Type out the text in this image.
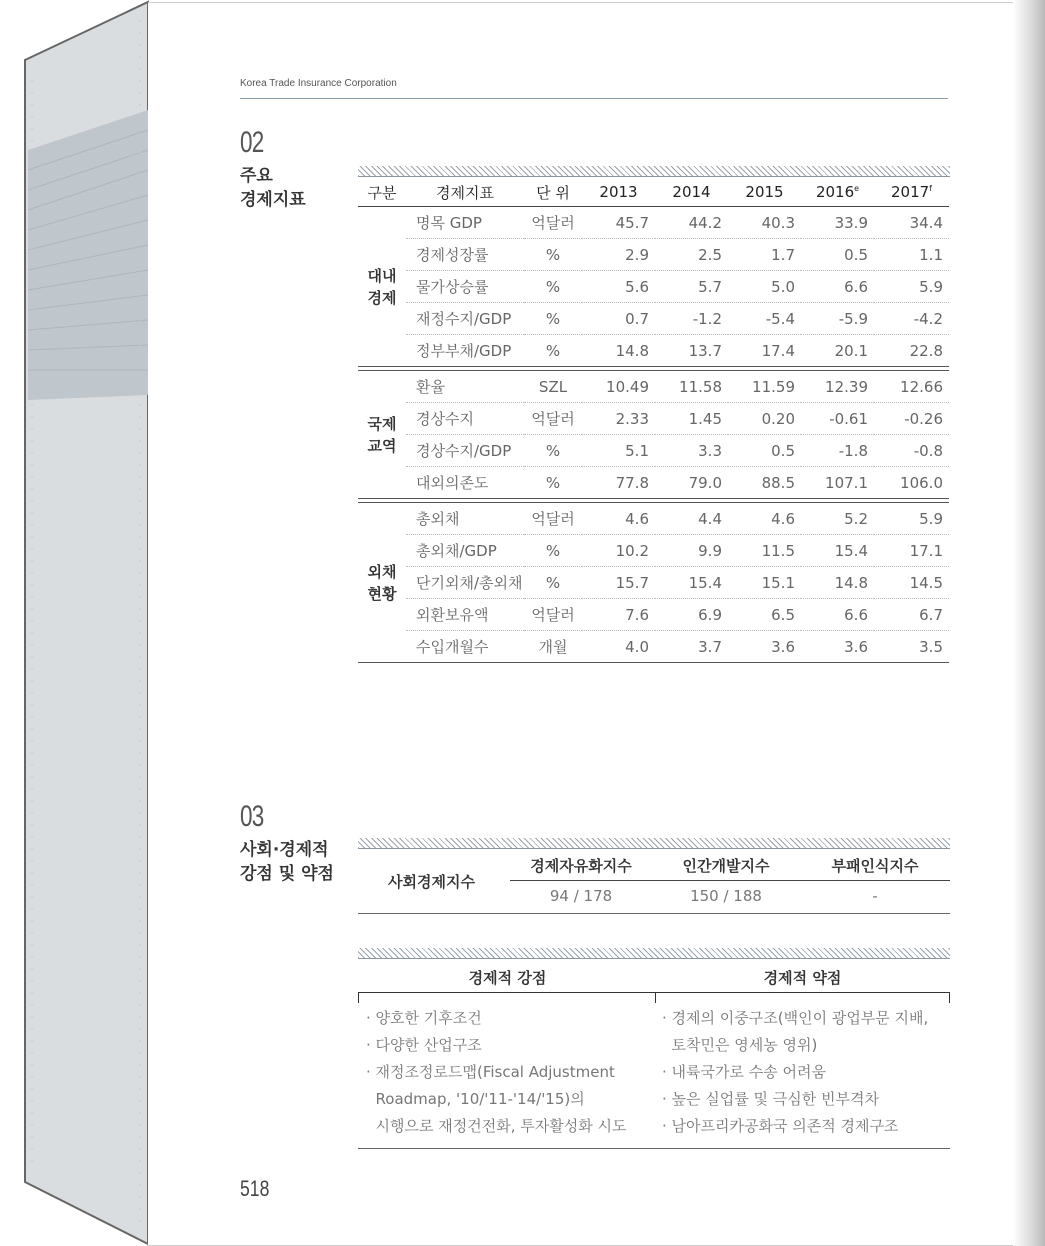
Korea Trade Insurance Corporation
02
주요
경제지표	구분	경제지표	단 위	2013	2014	2015	2016e	2017$^f$

대내
경제	명목 GDP	억달러	45.7	44.2	40.3	33.9	34.4
	경제성장률	%	2.9	2.5	1.7	0.5	1.1
	물가상승률	%	5.6	5.7	5.0	6.6	5.9
	재정수지/GDP	%	0.7	-1.2	-5.4	-5.9	-4.2
	정부부채/GDP	%	14.8	13.7	17.4	20.1	22.8

국제
교역	환율	SZL	10.49	11.58	11.59	12.39	12.66
	경상수지	억달러	2.33	1.45	0.20	-0.61	-0.26
	경상수지/GDP	%	5.1	3.3	0.5	-1.8	-0.8
	대외의존도	%	77.8	79.0	88.5	107.1	106.0

외채
현황	총외채	억달러	4.6	4.4	4.6	5.2	5.9
	총외채/GDP	%	10.2	9.9	11.5	15.4	17.1
	단기외채/총외채	%	15.7	15.4	15.1	14.8	14.5
	외환보유액	억달러	7.6	6.9	6.5	6.6	6.7
	수입개월수	개월	4.0	3.7	3.6	3.6	3.5
03
사회·경제적
강점 및 약점	사회경제지수
경제자유화지수	인간개발지수	부패인식지수
94 / 178	150 / 188	-
경제적 강점	경제적 약점
· 양호한 기후조건
· 다양한 산업구조
· 재정조정로드맵(Fiscal Adjustment
Roadmap, '10/'11-'14/'15)의
시행으로 재정건전화, 투자활성화 시도
· 경제의 이중구조(백인이 광업부문 지배,
토착민은 영세농 영위)
· 내륙국가로 수송 어려움
· 높은 실업률 및 극심한 빈부격차
· 남아프리카공화국 의존적 경제구조
518
